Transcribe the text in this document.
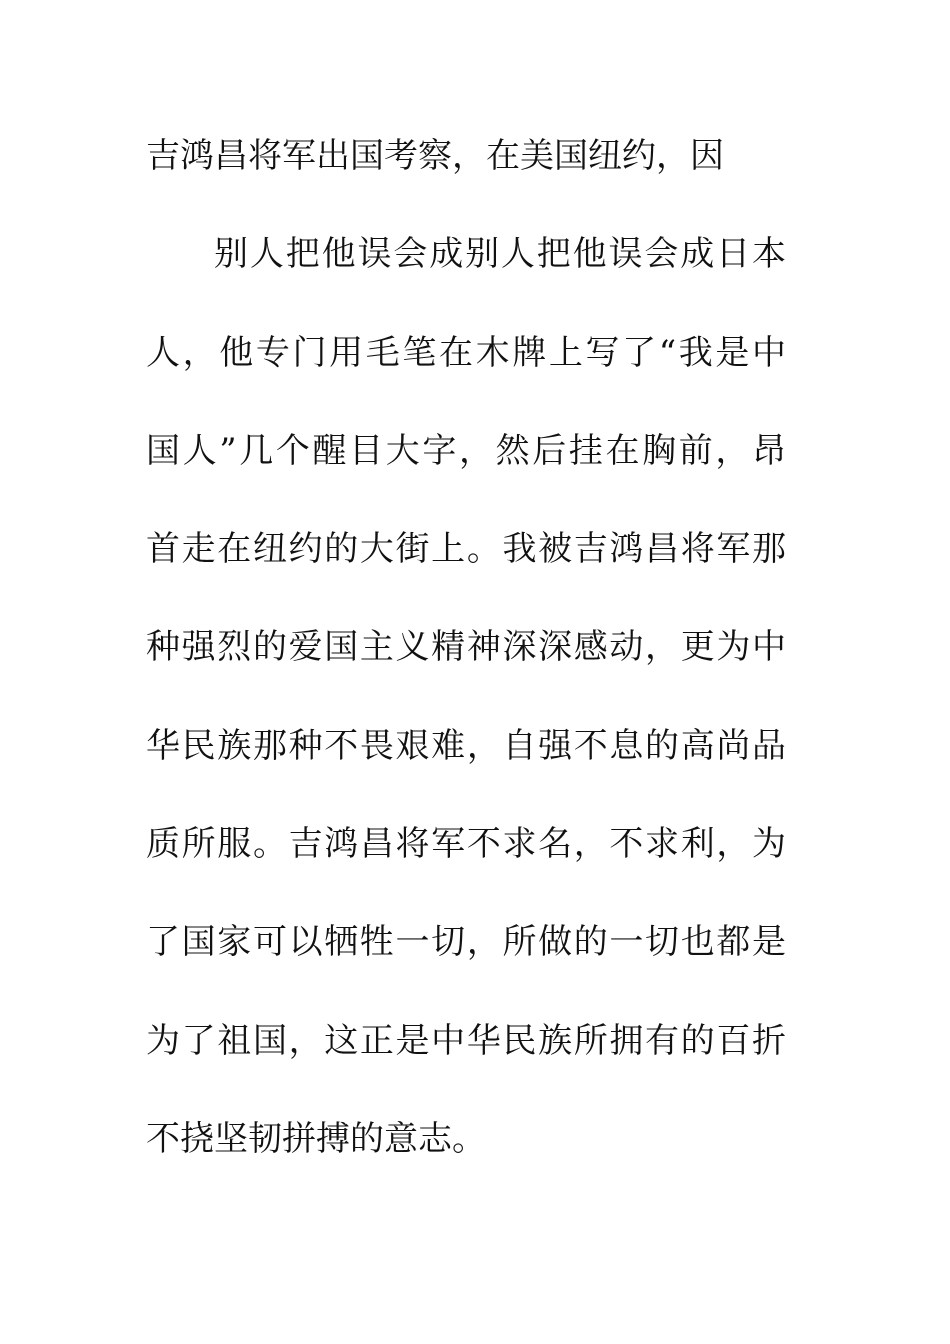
吉鸿昌将军出国考察，在美国纽约，因
别人把他误会成别人把他误会成日本
人，他专门用毛笔在木牌上写了“我是中
国人”几个醒目大字，然后挂在胸前，昂
首走在纽约的大街上。我被吉鸿昌将军那
种强烈的爱国主义精神深深感动，更为中
华民族那种不畏艰难，自强不息的高尚品
质所服。吉鸿昌将军不求名，不求利，为
了国家可以牺牲一切，所做的一切也都是
为了祖国，这正是中华民族所拥有的百折
不挠坚韧拼搏的意志。
